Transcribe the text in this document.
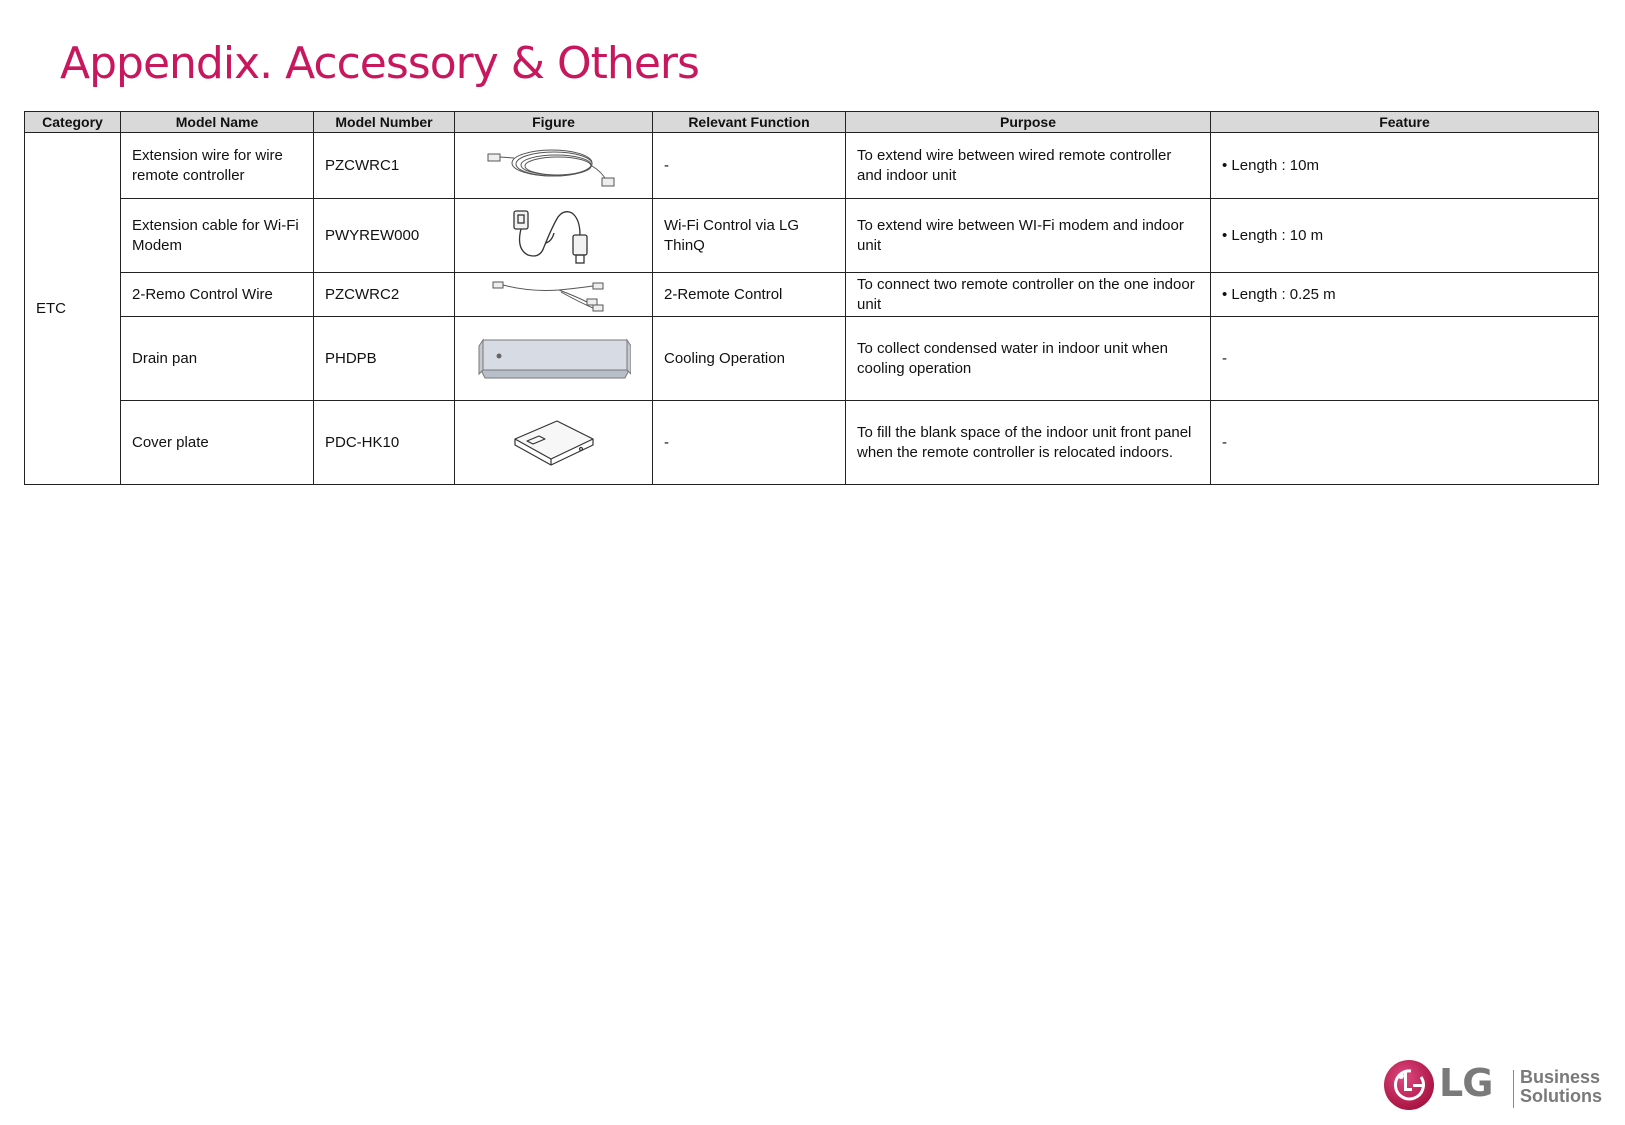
Appendix. Accessory & Others
Category	Model Name	Model Number	Figure	Relevant Function	Purpose	Feature
ETC	Extension wire for wire remote controller	PZCWRC1		-	To extend wire between wired remote controller and indoor unit	• Length : 10m
	Extension cable for Wi-Fi Modem	PWYREW000		Wi-Fi Control via LG ThinQ	To extend wire between WI-Fi modem and indoor unit	• Length : 10 m
	2-Remo Control Wire	PZCWRC2		2-Remote Control	To connect two remote controller on the one indoor unit	• Length : 0.25 m
	Drain pan	PHDPB		Cooling Operation	To collect condensed water in indoor unit when cooling operation	-
	Cover plate	PDC-HK10		-	To fill the blank space of the indoor unit front panel when the remote controller is relocated indoors.	-
LG Business
Solutions
